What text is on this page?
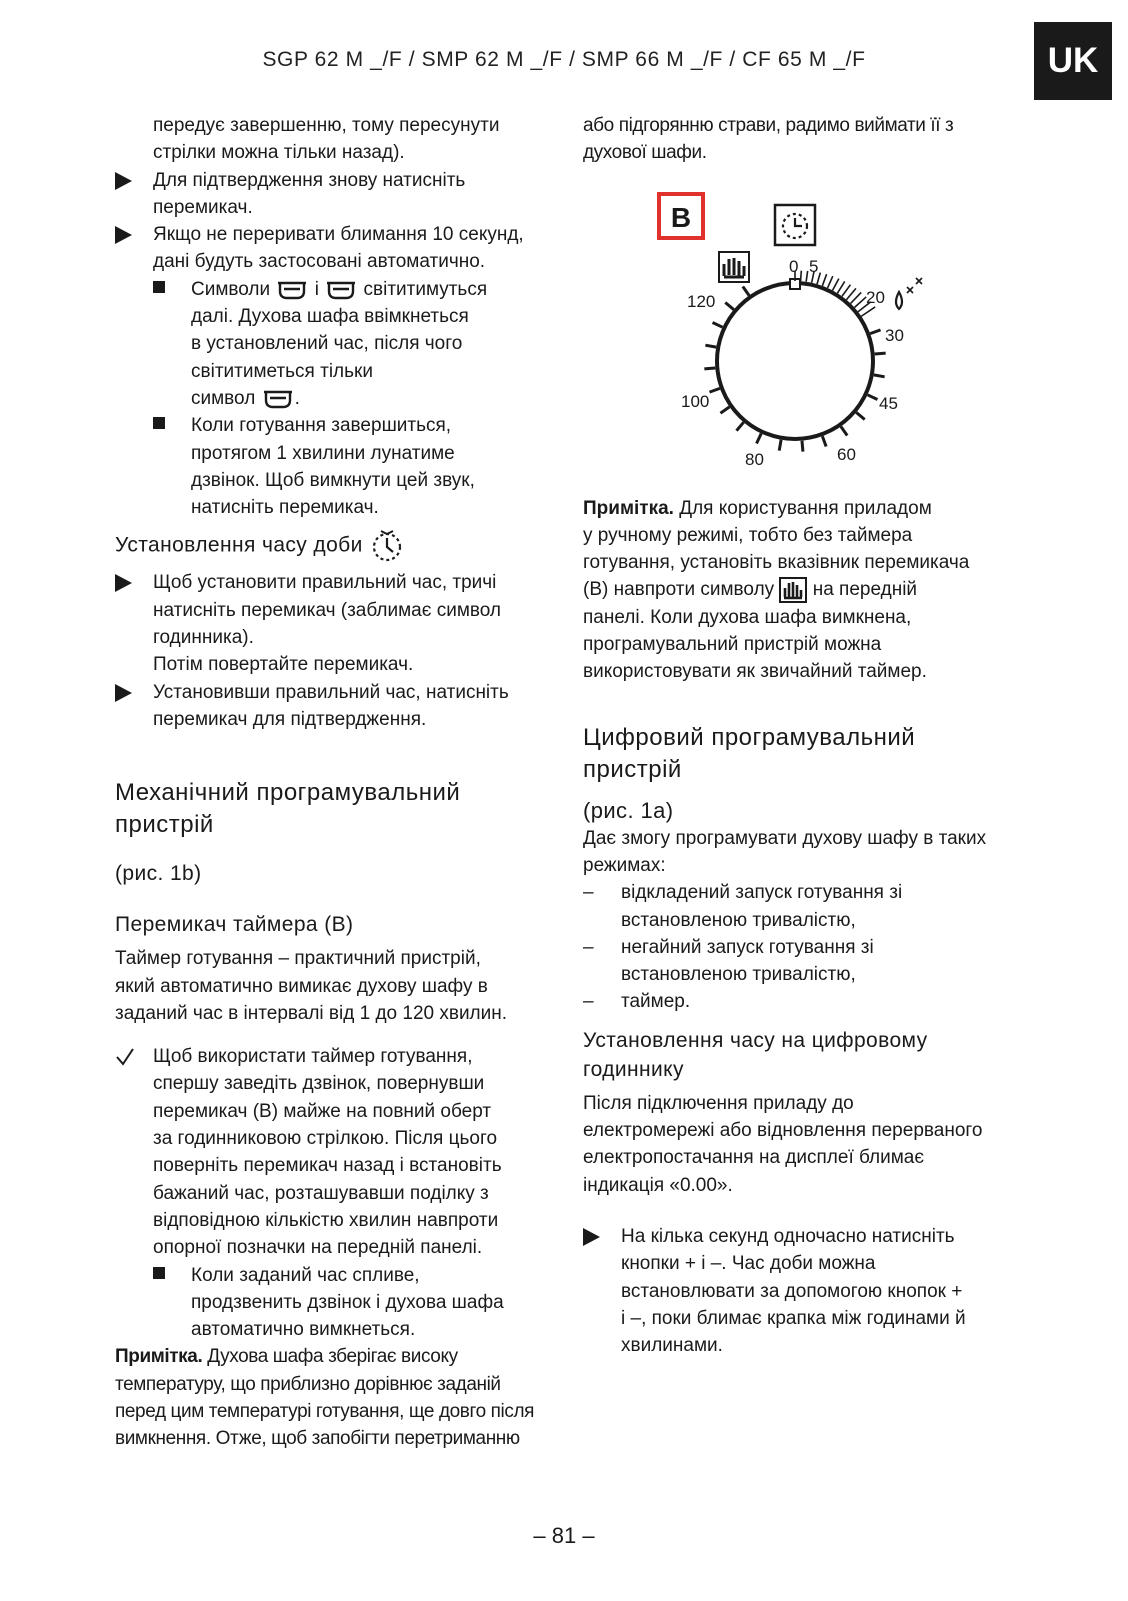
SGP 62 M _/F / SMP 62 M _/F / SMP 66 M _/F / CF 65 M _/F	UK

передує завершенню, тому пересунути

стрілки можна тільки назад).

Для підтвердження знову натисніть

перемикач.

Якщо не переривати блимання 10 секунд,

дані будуть застосовані автоматично.

Символи і світитимуться

далі. Духова шафа ввімкнеться

в установлений час, після чого

світитиметься тільки

символ .

Коли готування завершиться,

протягом 1 хвилини лунатиме

дзвінок. Щоб вимкнути цей звук,

натисніть перемикач.

Установлення часу доби

Щоб установити правильний час, тричі

натисніть перемикач (заблимає символ

годинника).

Потім повертайте перемикач.

Установивши правильний час, натисніть

перемикач для підтвердження.

Механічний програмувальний

пристрій

(рис. 1b)

Перемикач таймера (B)

Таймер готування – практичний пристрій,

який автоматично вимикає духову шафу в

заданий час в інтервалі від 1 до 120 хвилин.

Щоб використати таймер готування,

спершу заведіть дзвінок, повернувши

перемикач (B) майже на повний оберт

за годинниковою стрілкою. Після цього

поверніть перемикач назад і встановіть

бажаний час, розташувавши поділку з

відповідною кількістю хвилин навпроти

опорної позначки на передній панелі.

Коли заданий час спливе,

продзвенить дзвінок і духова шафа

автоматично вимкнеться.

Примітка. Духова шафа зберігає високу

температуру, що приблизно дорівнює заданій

перед цим температурі готування, ще довго після

вимкнення. Отже, щоб запобігти перетриманню

або підгорянню страви, радимо виймати її з

духової шафи.

B
0 5
20
30
45
60
80
100
120

Примітка. Для користування приладом

у ручному режимі, тобто без таймера

готування, установіть вказівник перемикача

(B) навпроти символу на передній

панелі. Коли духова шафа вимкнена,

програмувальний пристрій можна

використовувати як звичайний таймер.

Цифровий програмувальний

пристрій

(рис. 1a)

Дає змогу програмувати духову шафу в таких

режимах:

– відкладений запуск готування зі

встановленою тривалістю,

– негайний запуск готування зі

встановленою тривалістю,

– таймер.

Установлення часу на цифровому

годиннику

Після підключення приладу до

електромережі або відновлення перерваного

електропостачання на дисплеї блимає

індикація «0.00».

На кілька секунд одночасно натисніть

кнопки + і –. Час доби можна

встановлювати за допомогою кнопок +

і –, поки блимає крапка між годинами й

хвилинами.

– 81 –
